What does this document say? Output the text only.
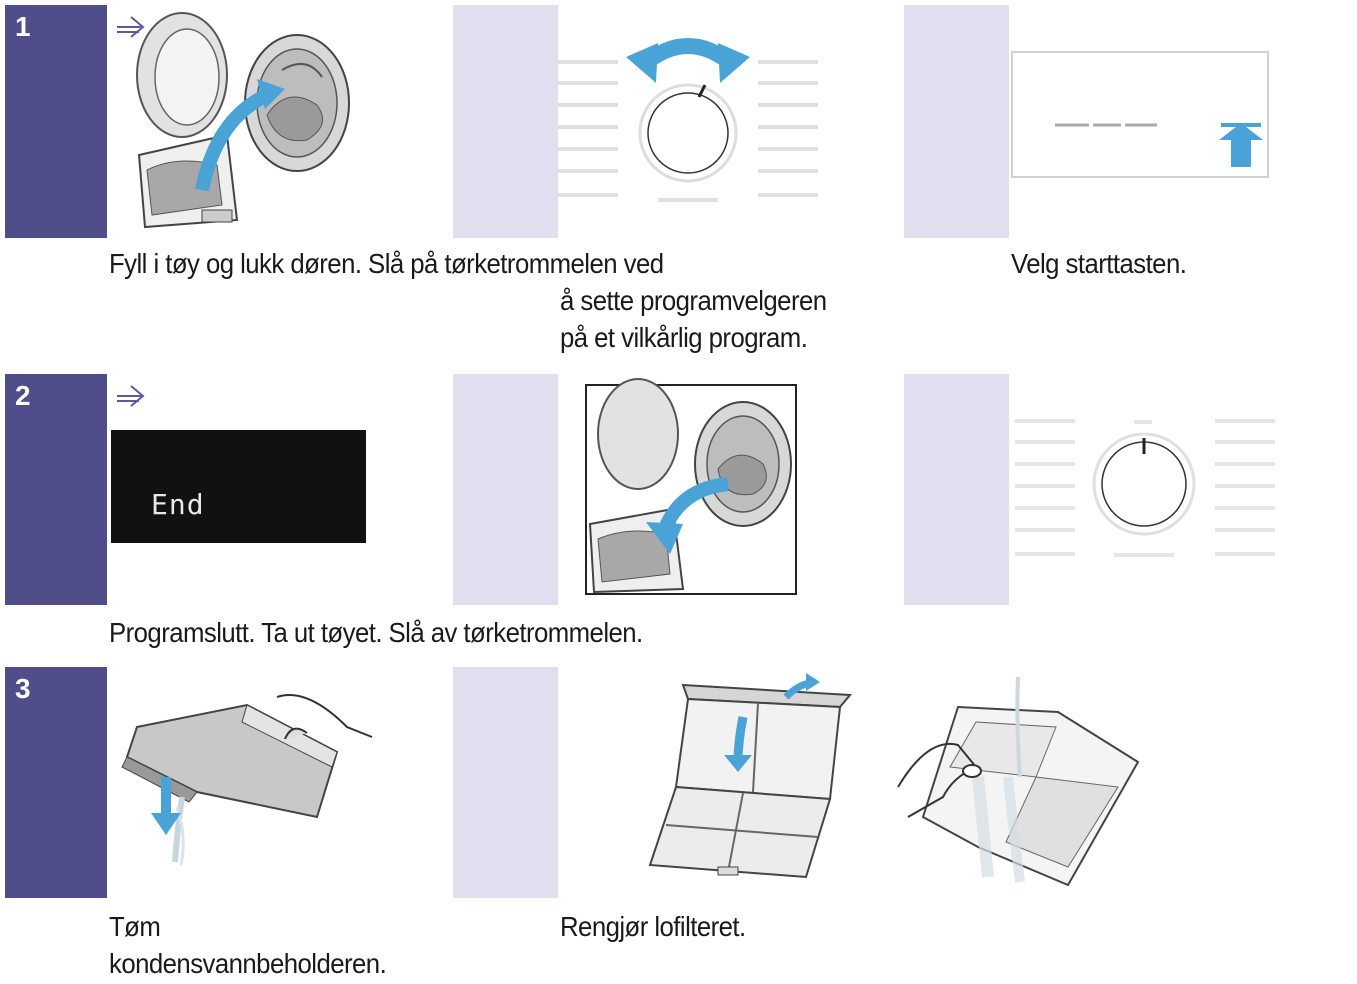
1
Fyll i tøy og lukk døren. Slå på tørketrommelen ved
å sette programvelgeren
på et vilkårlig program.
Velg starttasten.
2
End
Programslutt. Ta ut tøyet. Slå av tørketrommelen.
3
Tøm
kondensvannbeholderen.
Rengjør lofilteret.
